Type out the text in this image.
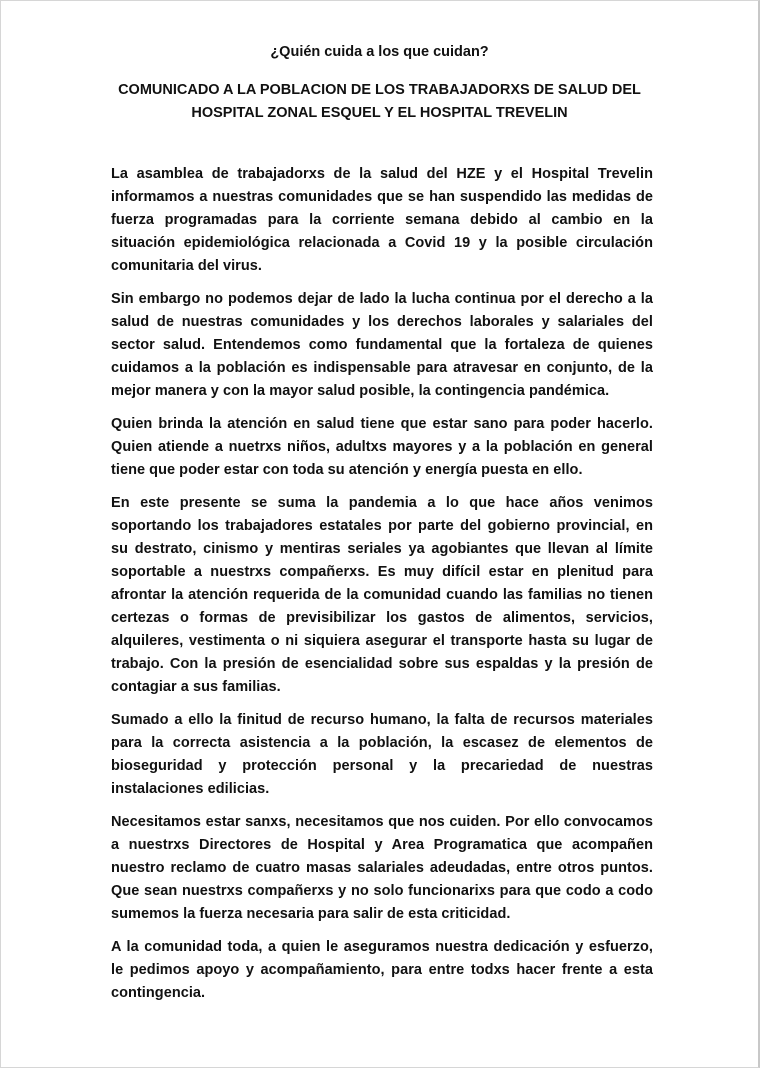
¿Quién cuida a los que cuidan?

COMUNICADO A LA POBLACION DE LOS TRABAJADORXS DE SALUD DEL HOSPITAL ZONAL ESQUEL Y EL HOSPITAL TREVELIN

La asamblea de trabajadorxs de la salud del HZE y el Hospital Trevelin informamos a nuestras comunidades que se han suspendido las medidas de fuerza programadas para la corriente semana debido al cambio en la situación epidemiológica relacionada a Covid 19 y la posible circulación comunitaria del virus.

Sin embargo no podemos dejar de lado la lucha continua por el derecho a la salud de nuestras comunidades y los derechos laborales y salariales del sector salud. Entendemos como fundamental que la fortaleza de quienes cuidamos a la población es indispensable para atravesar en conjunto, de la mejor manera y con la mayor salud posible, la contingencia pandémica.

Quien brinda la atención en salud tiene que estar sano para poder hacerlo. Quien atiende a nuetrxs niños, adultxs mayores y a la población en general tiene que poder estar con toda su atención y energía puesta en ello.

En este presente se suma la pandemia a lo que hace años venimos soportando los trabajadores estatales por parte del gobierno provincial, en su destrato, cinismo y mentiras seriales ya agobiantes que llevan al límite soportable a nuestrxs compañerxs. Es muy difícil estar en plenitud para afrontar la atención requerida de la comunidad cuando las familias no tienen certezas o formas de previsibilizar los gastos de alimentos, servicios, alquileres, vestimenta o ni siquiera asegurar el transporte hasta su lugar de trabajo. Con la presión de esencialidad sobre sus espaldas y la presión de contagiar a sus familias.

Sumado a ello la finitud de recurso humano, la falta de recursos materiales para la correcta asistencia a la población, la escasez de elementos de bioseguridad y protección personal y la precariedad de nuestras instalaciones edilicias.

Necesitamos estar sanxs, necesitamos que nos cuiden. Por ello convocamos a nuestrxs Directores de Hospital y Area Programatica que acompañen nuestro reclamo de cuatro masas salariales adeudadas, entre otros puntos. Que sean nuestrxs compañerxs y no solo funcionarixs para que codo a codo sumemos la fuerza necesaria para salir de esta criticidad.

A la comunidad toda, a quien le aseguramos nuestra dedicación y esfuerzo, le pedimos apoyo y acompañamiento, para entre todxs hacer frente a esta contingencia.
